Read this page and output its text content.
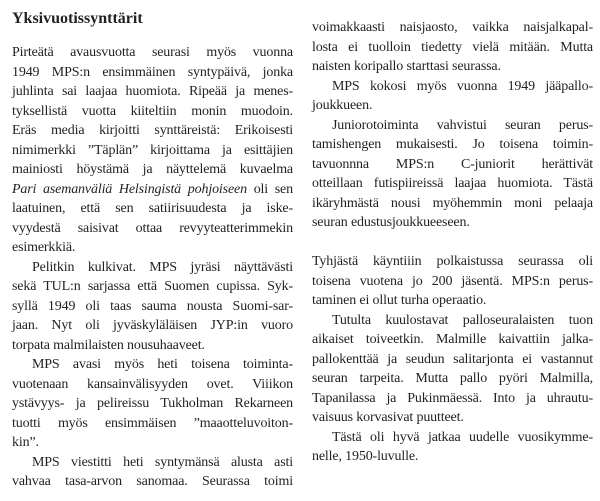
Yksivuotissynttärit
Pirteätä avausvuotta seurasi myös vuonna
1949 MPS:n ensimmäinen syntypäivä, jonka
juhlinta sai laajaa huomiota. Ripeää ja menes-
tyksellistä vuotta kiiteltiin monin muodoin.
Eräs media kirjoitti synttäreistä: Erikoisesti
nimimerkki ”Täplän” kirjoittama ja esittäjien
mainiosti höystämä ja näyttelemä kuvaelma
Pari asemanväliä Helsingistä pohjoiseen oli sen
laatuinen, että sen satiirisuudesta ja iske-
vyydestä saisivat ottaa revyyteatterimmekin
esimerkkiä.
Pelitkin kulkivat. MPS jyräsi näyttävästi
sekä TUL:n sarjassa että Suomen cupissa. Syk-
syllä 1949 oli taas sauma nousta Suomi-sar-
jaan. Nyt oli jyväskyläläisen JYP:in vuoro
torpata malmilaisten nousuhaaveet.
MPS avasi myös heti toisena toiminta-
vuotenaan kansainvälisyyden ovet. Viiikon
ystävyys- ja pelireissu Tukholman Rekarneen
tuotti myös ensimmäisen ”maaotteluvoiton-
kin”.
MPS viestitti heti syntymänsä alusta asti
vahvaa tasa-arvon sanomaa. Seurassa toimi
voimakkaasti naisjaosto, vaikka naisjalkapal-
losta ei tuolloin tiedetty vielä mitään. Mutta
naisten koripallo starttasi seurassa.
MPS kokosi myös vuonna 1949 jääpallo-
joukkueen.
Juniorotoiminta vahvistui seuran perus-
tamishengen mukaisesti. Jo toisena toimin-
tavuonnna MPS:n C-juniorit herättivät
otteillaan futispiireissä laajaa huomiota. Tästä
ikäryhmästä nousi myöhemmin moni pelaaja
seuran edustusjoukkueeseen.
Tyhjästä käyntiiin polkaistussa seurassa oli
toisena vuotena jo 200 jäsentä. MPS:n perus-
taminen ei ollut turha operaatio.
Tutulta kuulostavat palloseuralaisten tuon
aikaiset toiveetkin. Malmille kaivattiin jalka-
pallokenttää ja seudun salitarjonta ei vastannut
seuran tarpeita. Mutta pallo pyöri Malmilla,
Tapanilassa ja Pukinmäessä. Into ja uhrautu-
vaisuus korvasivat puutteet.
Tästä oli hyvä jatkaa uudelle vuosikymme-
nelle, 1950-luvulle.
